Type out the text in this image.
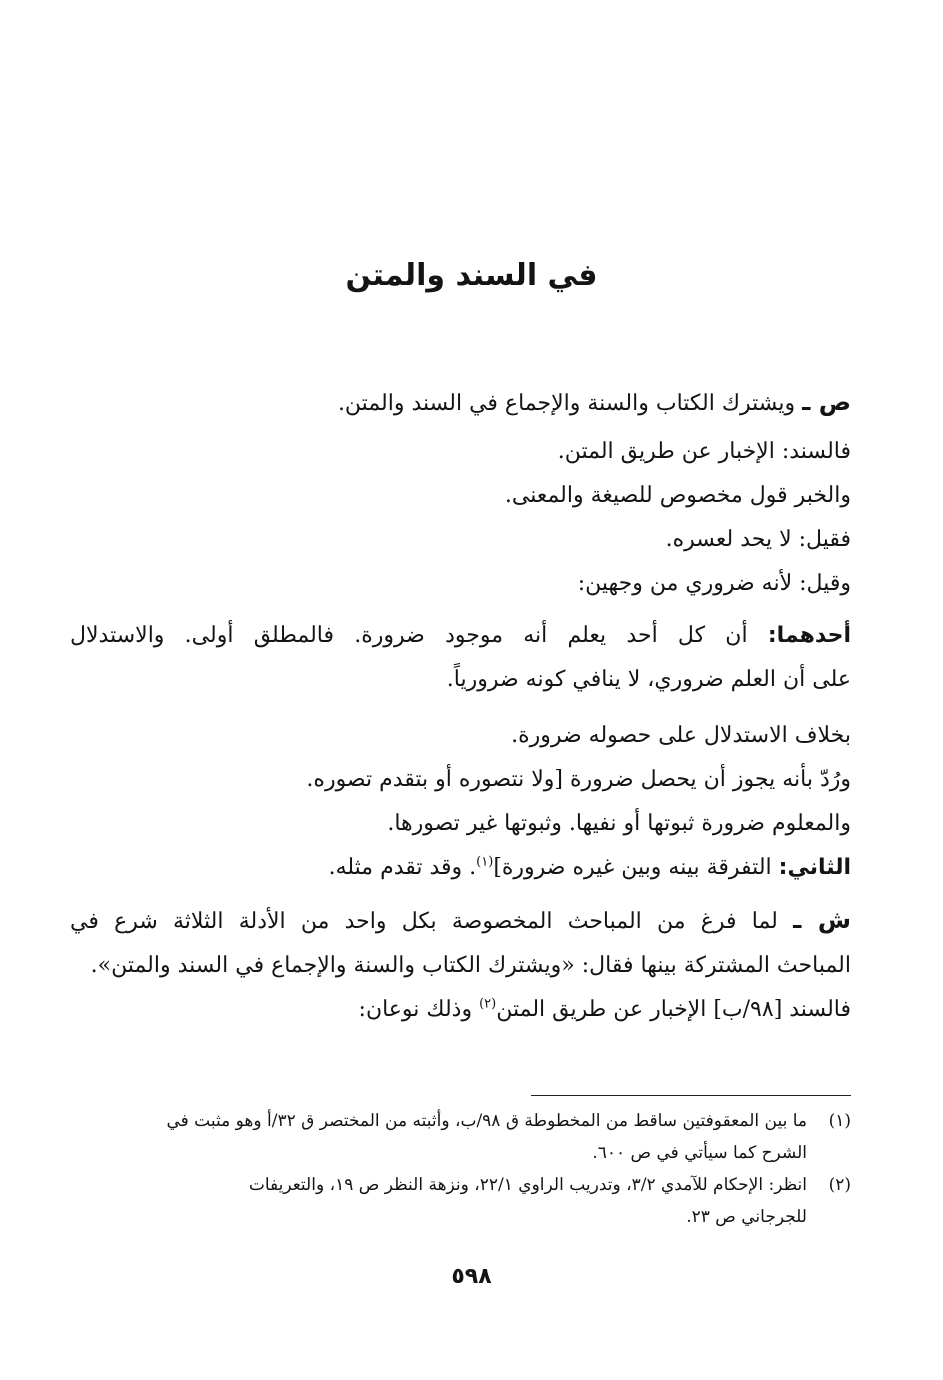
في السند والمتن
ص ـ ويشترك الكتاب والسنة والإجماع في السند والمتن.
فالسند: الإخبار عن طريق المتن.
والخبر قول مخصوص للصيغة والمعنى.
فقيل: لا يحد لعسره.
وقيل: لأنه ضروري من وجهين:
أحدهما: أن كل أحد يعلم أنه موجود ضرورة. فالمطلق أولى. والاستدلال
على أن العلم ضروري، لا ينافي كونه ضرورياً.
بخلاف الاستدلال على حصوله ضرورة.
ورُدّ بأنه يجوز أن يحصل ضرورة [ولا نتصوره أو بتقدم تصوره.
والمعلوم ضرورة ثبوتها أو نفيها. وثبوتها غير تصورها.
الثاني: التفرقة بينه وبين غيره ضرورة]$^{(١)}$. وقد تقدم مثله.
ش ـ لما فرغ من المباحث المخصوصة بكل واحد من الأدلة الثلاثة شرع في
المباحث المشتركة بينها فقال: «ويشترك الكتاب والسنة والإجماع في السند والمتن».
فالسند [٩٨/ب] الإخبار عن طريق المتن$^{(٢)}$ وذلك نوعان:
(١)ما بين المعقوفتين ساقط من المخطوطة ق ٩٨/ب، وأثبته من المختصر ق ٣٢/أ وهو مثبت في
الشرح كما سيأتي في ص ٦٠٠.
(٢)انظر: الإحكام للآمدي ٣/٢، وتدريب الراوي ٢٢/١، ونزهة النظر ص ١٩، والتعريفات
للجرجاني ص ٢٣.
٥٩٨
